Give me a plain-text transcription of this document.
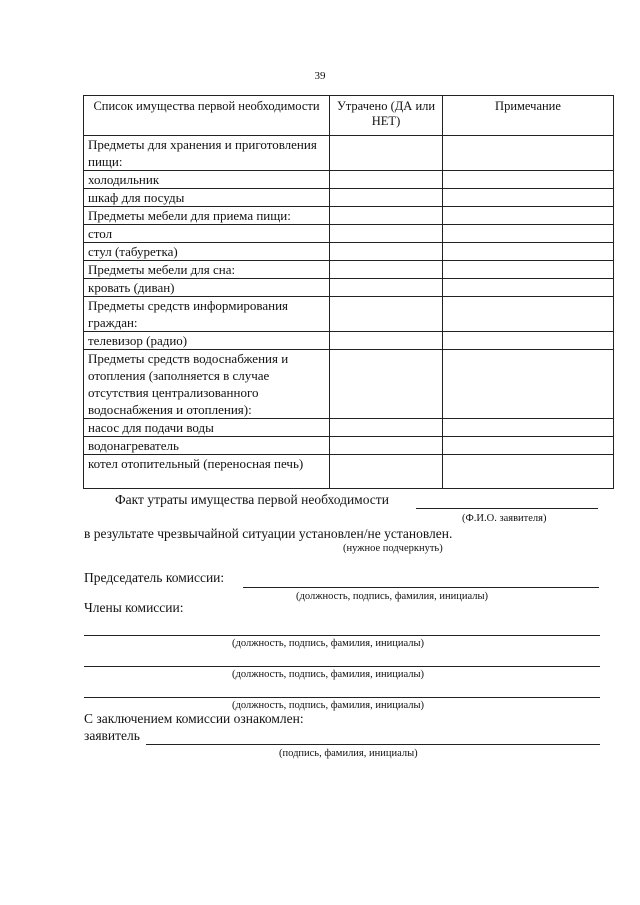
39
Список имущества первой необходимости	Утрачено (ДА или НЕТ)	Примечание
Предметы для хранения и приготовления пищи:		
холодильник		
шкаф для посуды		
Предметы мебели для приема пищи:		
стол		
стул (табуретка)		
Предметы мебели для сна:		
кровать (диван)		
Предметы средств информирования граждан:		
телевизор (радио)		
Предметы средств водоснабжения и отопления (заполняется в случае отсутствия централизованного водоснабжения и отопления):		
насос для подачи воды		
водонагреватель		
котел отопительный (переносная печь)		
Факт утраты имущества первой необходимости
(Ф.И.О. заявителя)
в результате чрезвычайной ситуации установлен/не установлен.
(нужное подчеркнуть)
Председатель комиссии:
(должность, подпись, фамилия, инициалы)
Члены комиссии:
(должность, подпись, фамилия, инициалы)
(должность, подпись, фамилия, инициалы)
(должность, подпись, фамилия, инициалы)
С заключением комиссии ознакомлен:
заявитель
(подпись, фамилия, инициалы)
